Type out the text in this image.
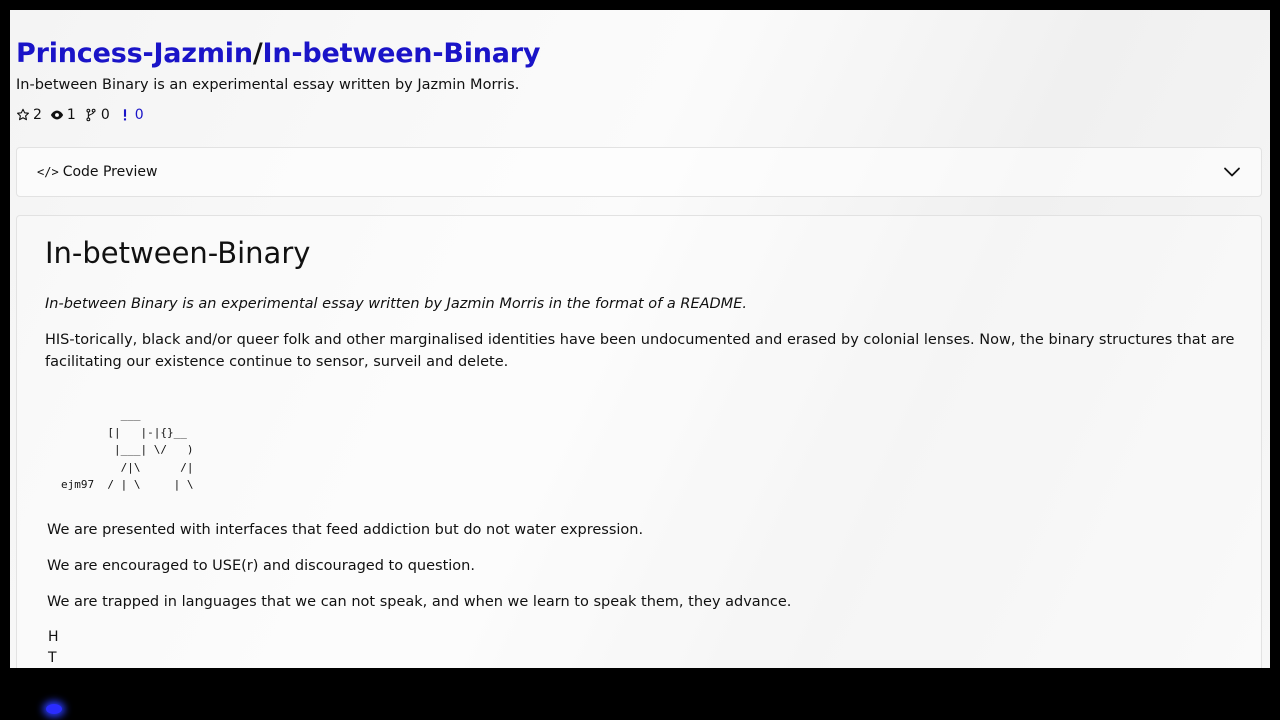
Princess-Jazmin/In-between-Binary
In-between Binary is an experimental essay written by Jazmin Morris.
2 1 0 0
</> Code Preview
In-between-Binary

In-between Binary is an experimental essay written by Jazmin Morris in the format of a README.

HIS-torically, black and/or queer folk and other marginalised identities have been undocumented and erased by colonial lenses. Now, the binary structures that are facilitating our existence continue to sensor, surveil and delete.

___
[|   |-|{}__
|___| \/   )
/|\      /|
ejm97  / | \     | \

We are presented with interfaces that feed addiction but do not water expression.

We are encouraged to USE(r) and discouraged to question.

We are trapped in languages that we can not speak, and when we learn to speak them, they advance.

H
T
